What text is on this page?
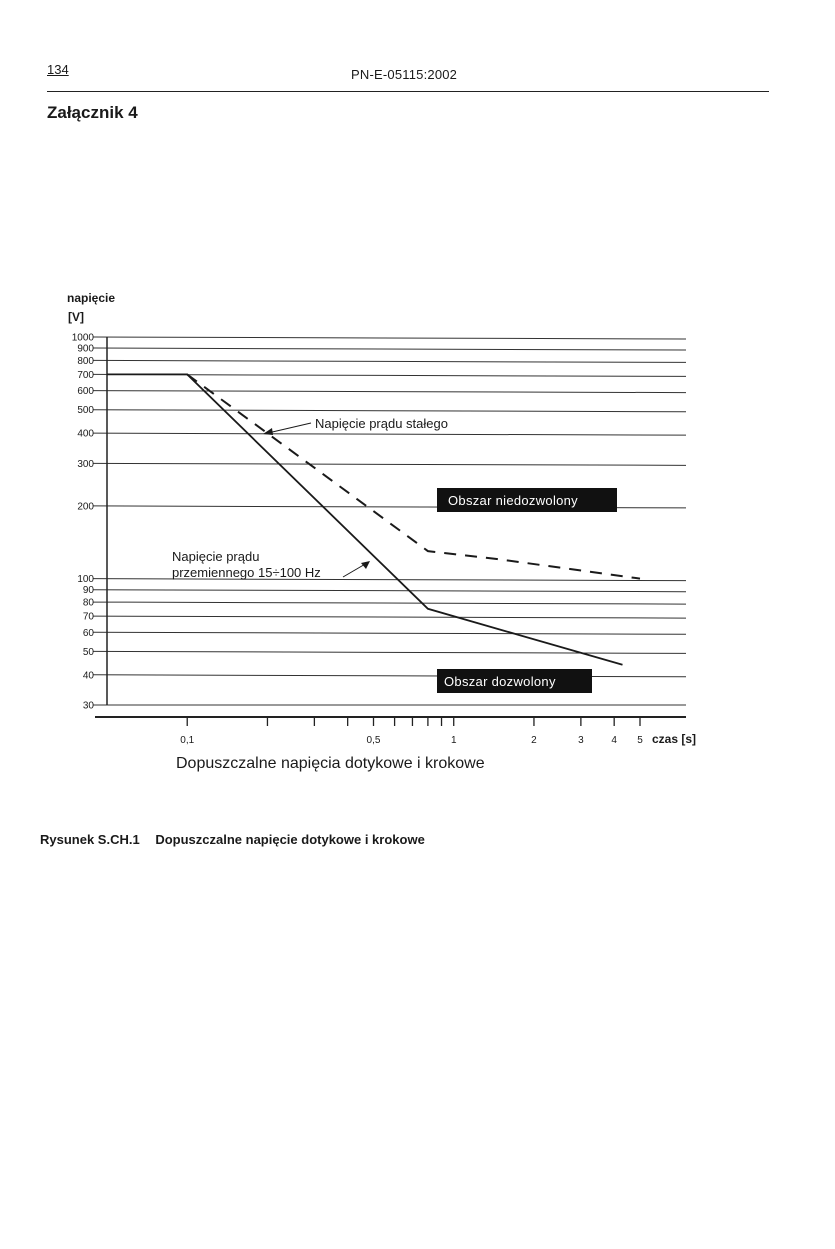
134	PN-E-05115:2002
Załącznik 4
napięcie
[V]
30
40
50
60
70
80
90
100
200
300
400
500
600
700
800
900
1000
0,1	0,5	1	2	3	4 5
Napięcie prądu
przemiennego 15÷100 Hz
Napięcie prądu stałego
Obszar niedozwolony
Obszar dozwolony
czas [s]
Dopuszczalne napięcia dotykowe i krokowe
Rysunek S.CH.1 Dopuszczalne napięcie dotykowe i krokowe
